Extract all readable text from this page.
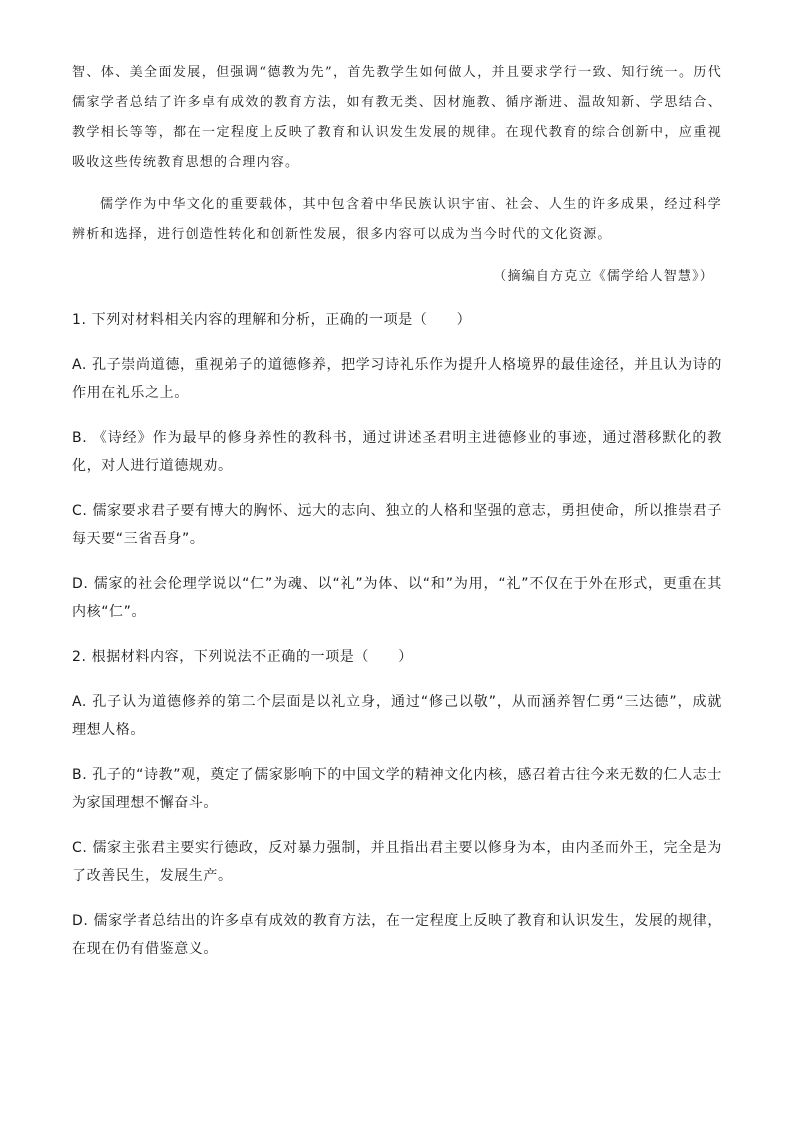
智、体、美全面发展，但强调“德教为先”，首先教学生如何做人，并且要求学行一致、知行统一。历代儒家学者总结了许多卓有成效的教育方法，如有教无类、因材施教、循序渐进、温故知新、学思结合、教学相长等等，都在一定程度上反映了教育和认识发生发展的规律。在现代教育的综合创新中，应重视吸收这些传统教育思想的合理内容。

儒学作为中华文化的重要载体，其中包含着中华民族认识宇宙、社会、人生的许多成果，经过科学辨析和选择，进行创造性转化和创新性发展，很多内容可以成为当今时代的文化资源。

（摘编自方克立《儒学给人智慧》）

1. 下列对材料相关内容的理解和分析，正确的一项是（　　）

A. 孔子崇尚道德，重视弟子的道德修养，把学习诗礼乐作为提升人格境界的最佳途径，并且认为诗的作用在礼乐之上。

B. 《诗经》作为最早的修身养性的教科书，通过讲述圣君明主进德修业的事迹，通过潜移默化的教化，对人进行道德规劝。

C. 儒家要求君子要有博大的胸怀、远大的志向、独立的人格和坚强的意志，勇担使命，所以推崇君子每天要“三省吾身”。

D. 儒家的社会伦理学说以“仁”为魂、以“礼”为体、以“和”为用，“礼”不仅在于外在形式，更重在其内核“仁”。

2. 根据材料内容，下列说法不正确的一项是（　　）

A. 孔子认为道德修养的第二个层面是以礼立身，通过“修己以敬”，从而涵养智仁勇“三达德”，成就理想人格。

B. 孔子的“诗教”观，奠定了儒家影响下的中国文学的精神文化内核，感召着古往今来无数的仁人志士为家国理想不懈奋斗。

C. 儒家主张君主要实行德政，反对暴力强制，并且指出君主要以修身为本，由内圣而外王，完全是为了改善民生，发展生产。

D. 儒家学者总结出的许多卓有成效的教育方法，在一定程度上反映了教育和认识发生，发展的规律，在现在仍有借鉴意义。
